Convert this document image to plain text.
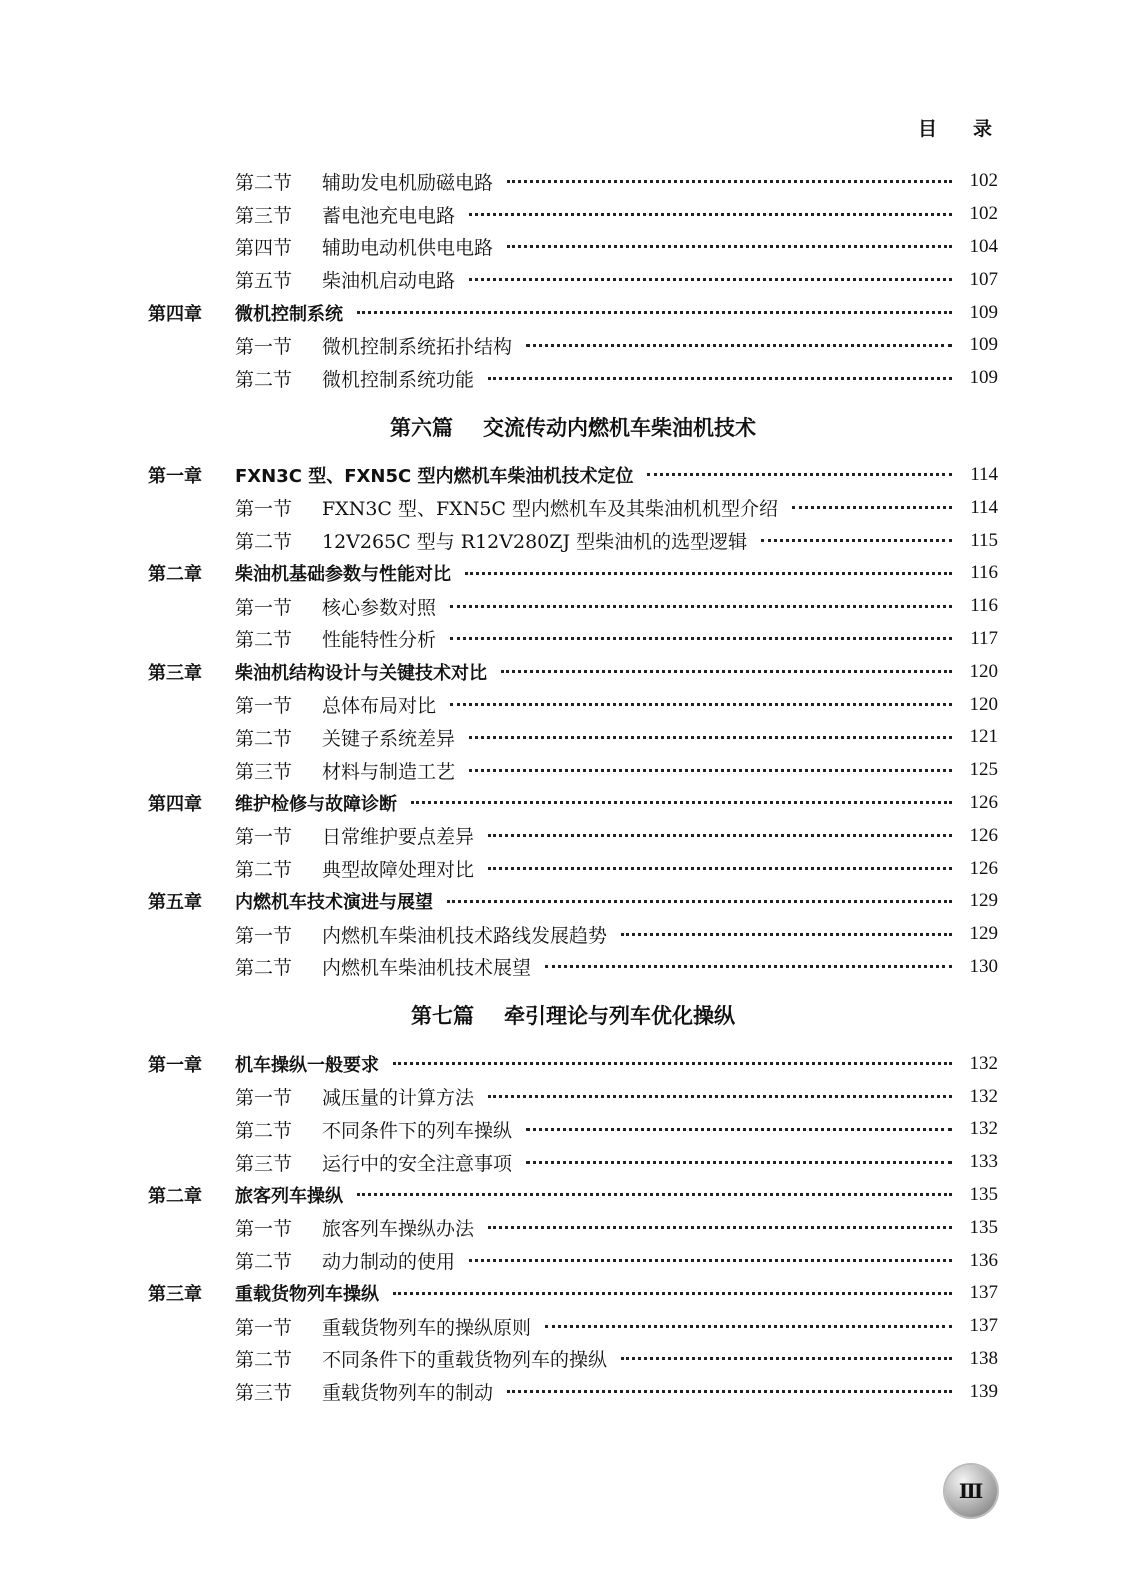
目录
第二节	辅助发电机励磁电路	102
第三节	蓄电池充电电路	102
第四节	辅助电动机供电电路	104
第五节	柴油机启动电路	107
第四章	微机控制系统	109
第一节	微机控制系统拓扑结构	109
第二节	微机控制系统功能	109
第六篇 交流传动内燃机车柴油机技术
第一章	FXN3C 型、FXN5C 型内燃机车柴油机技术定位	114
第一节	FXN3C 型、FXN5C 型内燃机车及其柴油机机型介绍	114
第二节	12V265C 型与 R12V280ZJ 型柴油机的选型逻辑	115
第二章	柴油机基础参数与性能对比	116
第一节	核心参数对照	116
第二节	性能特性分析	117
第三章	柴油机结构设计与关键技术对比	120
第一节	总体布局对比	120
第二节	关键子系统差异	121
第三节	材料与制造工艺	125
第四章	维护检修与故障诊断	126
第一节	日常维护要点差异	126
第二节	典型故障处理对比	126
第五章	内燃机车技术演进与展望	129
第一节	内燃机车柴油机技术路线发展趋势	129
第二节	内燃机车柴油机技术展望	130
第七篇 牵引理论与列车优化操纵
第一章	机车操纵一般要求	132
第一节	减压量的计算方法	132
第二节	不同条件下的列车操纵	132
第三节	运行中的安全注意事项	133
第二章	旅客列车操纵	135
第一节	旅客列车操纵办法	135
第二节	动力制动的使用	136
第三章	重载货物列车操纵	137
第一节	重载货物列车的操纵原则	137
第二节	不同条件下的重载货物列车的操纵	138
第三节	重载货物列车的制动	139
Ⅲ
